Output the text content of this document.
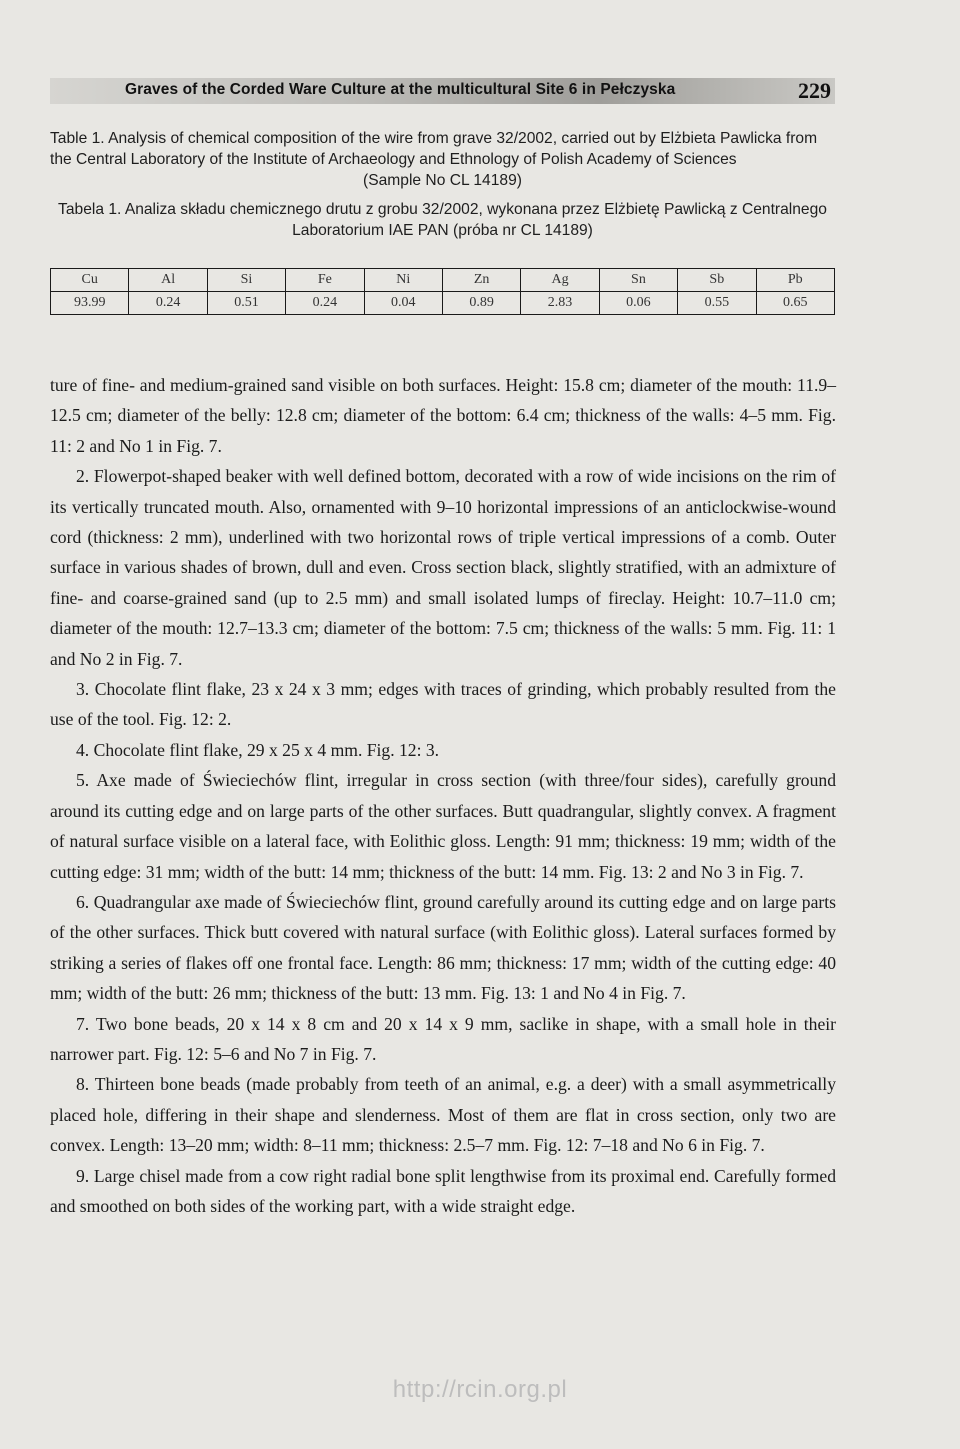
Graves of the Corded Ware Culture at the multicultural Site 6 in Pełczyska	229

Table 1. Analysis of chemical composition of the wire from grave 32/2002, carried out by Elżbieta Pawlicka from the Central Laboratory of the Institute of Archaeology and Ethnology of Polish Academy of Sciences
(Sample No CL 14189)

Tabela 1. Analiza składu chemicznego drutu z grobu 32/2002, wykonana przez Elżbietę Pawlicką z Centralnego Laboratorium IAE PAN (próba nr CL 14189)

Cu	Al	Si	Fe	Ni	Zn	Ag	Sn	Sb	Pb
93.99	0.24	0.51	0.24	0.04	0.89	2.83	0.06	0.55	0.65

ture of fine- and medium-grained sand visible on both surfaces. Height: 15.8 cm; diameter of the mouth: 11.9–12.5 cm; diameter of the belly: 12.8 cm; diameter of the bottom: 6.4 cm; thickness of the walls: 4–5 mm. Fig. 11: 2 and No 1 in Fig. 7.

2. Flowerpot-shaped beaker with well defined bottom, decorated with a row of wide incisions on the rim of its vertically truncated mouth. Also, ornamented with 9–10 horizontal impressions of an anticlockwise-wound cord (thickness: 2 mm), underlined with two horizontal rows of triple vertical impressions of a comb. Outer surface in various shades of brown, dull and even. Cross section black, slightly stratified, with an admixture of fine- and coarse-grained sand (up to 2.5 mm) and small isolated lumps of fireclay. Height: 10.7–11.0 cm; diameter of the mouth: 12.7–13.3 cm; diameter of the bottom: 7.5 cm; thickness of the walls: 5 mm. Fig. 11: 1 and No 2 in Fig. 7.

3. Chocolate flint flake, 23 x 24 x 3 mm; edges with traces of grinding, which probably resulted from the use of the tool. Fig. 12: 2.

4. Chocolate flint flake, 29 x 25 x 4 mm. Fig. 12: 3.

5. Axe made of Świeciechów flint, irregular in cross section (with three/four sides), carefully ground around its cutting edge and on large parts of the other surfaces. Butt quadrangular, slightly convex. A fragment of natural surface visible on a lateral face, with Eolithic gloss. Length: 91 mm; thickness: 19 mm; width of the cutting edge: 31 mm; width of the butt: 14 mm; thickness of the butt: 14 mm. Fig. 13: 2 and No 3 in Fig. 7.

6. Quadrangular axe made of Świeciechów flint, ground carefully around its cutting edge and on large parts of the other surfaces. Thick butt covered with natural surface (with Eolithic gloss). Lateral surfaces formed by striking a series of flakes off one frontal face. Length: 86 mm; thickness: 17 mm; width of the cutting edge: 40 mm; width of the butt: 26 mm; thickness of the butt: 13 mm. Fig. 13: 1 and No 4 in Fig. 7.

7. Two bone beads, 20 x 14 x 8 cm and 20 x 14 x 9 mm, saclike in shape, with a small hole in their narrower part. Fig. 12: 5–6 and No 7 in Fig. 7.

8. Thirteen bone beads (made probably from teeth of an animal, e.g. a deer) with a small asymmetrically placed hole, differing in their shape and slenderness. Most of them are flat in cross section, only two are convex. Length: 13–20 mm; width: 8–11 mm; thickness: 2.5–7 mm. Fig. 12: 7–18 and No 6 in Fig. 7.

9. Large chisel made from a cow right radial bone split lengthwise from its proximal end. Carefully formed and smoothed on both sides of the working part, with a wide straight edge.

http://rcin.org.pl
